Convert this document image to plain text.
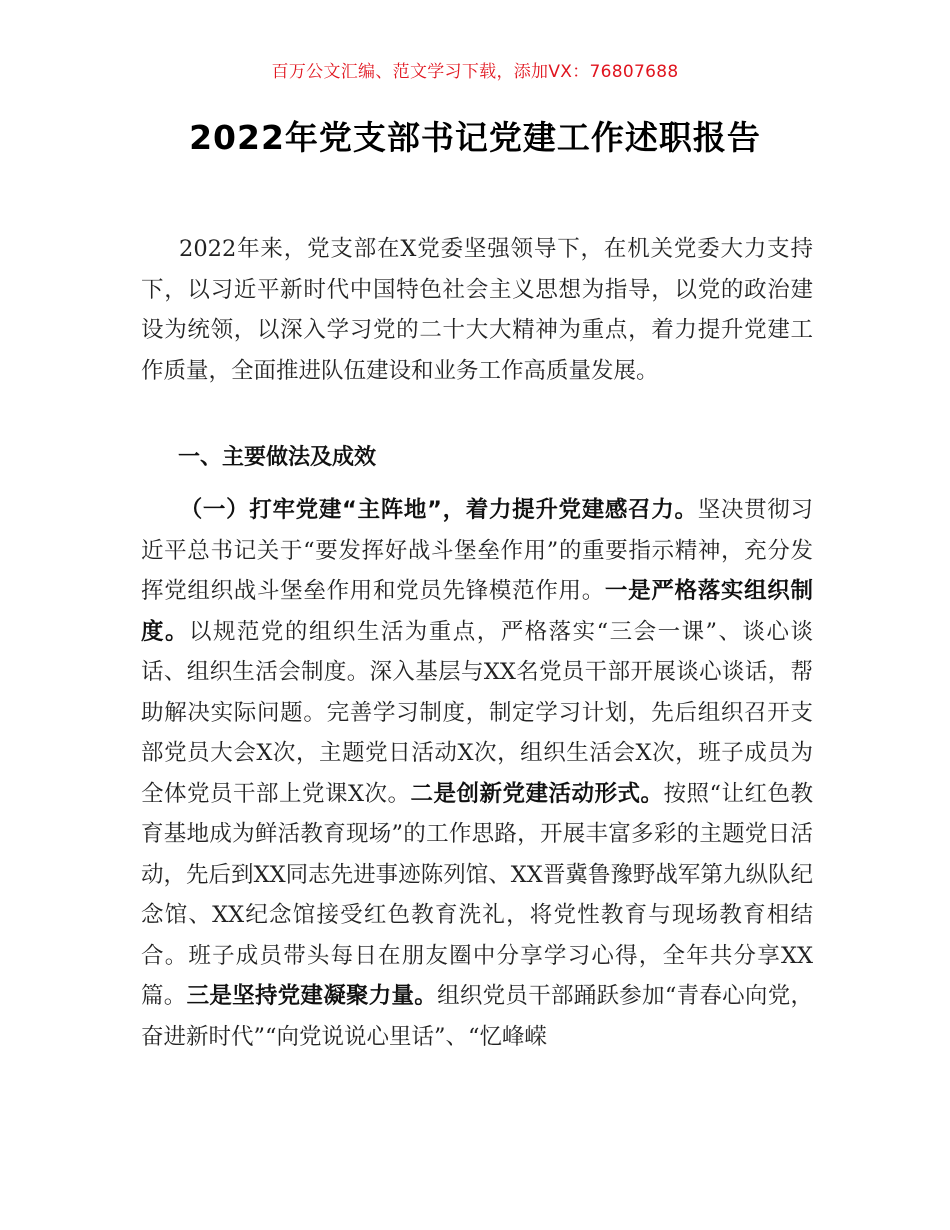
百万公文汇编、范文学习下载，添加VX：76807688
2022年党支部书记党建工作述职报告
2022年来，党支部在X党委坚强领导下，在机关党委大力支持下，以习近平新时代中国特色社会主义思想为指导，以党的政治建设为统领，以深入学习党的二十大大精神为重点，着力提升党建工作质量，全面推进队伍建设和业务工作高质量发展。
一、主要做法及成效
（一）打牢党建“主阵地”，着力提升党建感召力。坚决贯彻习近平总书记关于“要发挥好战斗堡垒作用”的重要指示精神，充分发挥党组织战斗堡垒作用和党员先锋模范作用。一是严格落实组织制度。以规范党的组织生活为重点，严格落实“三会一课”、谈心谈话、组织生活会制度。深入基层与XX名党员干部开展谈心谈话，帮助解决实际问题。完善学习制度，制定学习计划，先后组织召开支部党员大会X次，主题党日活动X次，组织生活会X次，班子成员为全体党员干部上党课X次。二是创新党建活动形式。按照“让红色教育基地成为鲜活教育现场”的工作思路，开展丰富多彩的主题党日活动，先后到XX同志先进事迹陈列馆、XX晋冀鲁豫野战军第九纵队纪念馆、XX纪念馆接受红色教育洗礼，将党性教育与现场教育相结合。班子成员带头每日在朋友圈中分享学习心得，全年共分享XX篇。三是坚持党建凝聚力量。组织党员干部踊跃参加“青春心向党，奋进新时代”“向党说说心里话”、“忆峰嵘
